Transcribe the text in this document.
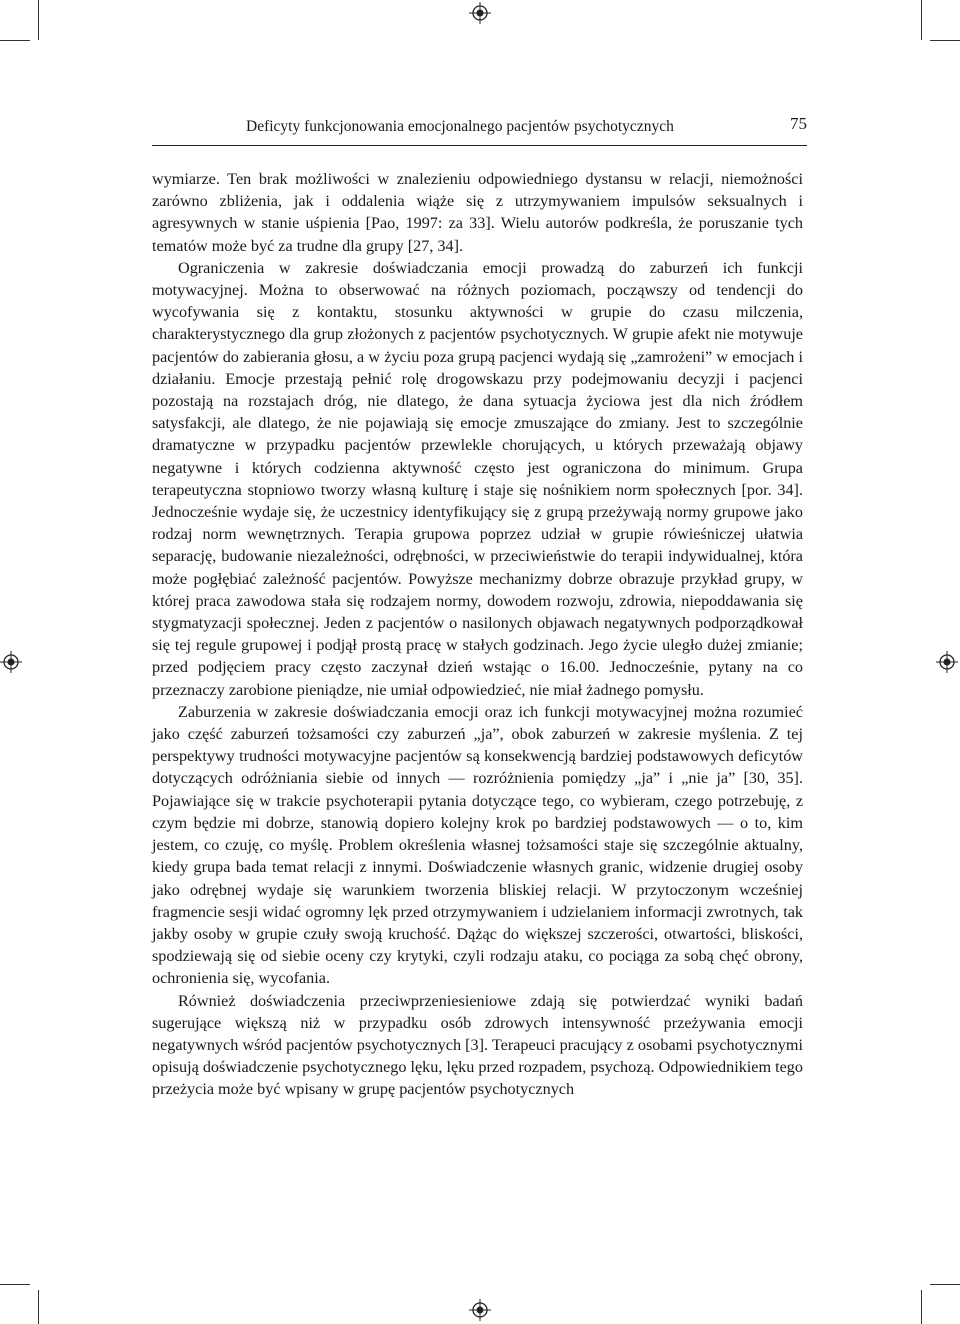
Deficyty funkcjonowania emocjonalnego pacjentów psychotycznych	75

wymiarze. Ten brak możliwości w znalezieniu odpowiedniego dystansu w relacji, niemożności zarówno zbliżenia, jak i oddalenia wiąże się z utrzymywaniem impulsów seksualnych i agresywnych w stanie uśpienia [Pao, 1997: za 33]. Wielu autorów podkreśla, że poruszanie tych tematów może być za trudne dla grupy [27, 34].

Ograniczenia w zakresie doświadczania emocji prowadzą do zaburzeń ich funkcji motywacyjnej. Można to obserwować na różnych poziomach, począwszy od tendencji do wycofywania się z kontaktu, stosunku aktywności w grupie do czasu milczenia, charakterystycznego dla grup złożonych z pacjentów psychotycznych. W grupie afekt nie motywuje pacjentów do zabierania głosu, a w życiu poza grupą pacjenci wydają się „zamrożeni” w emocjach i działaniu. Emocje przestają pełnić rolę drogowskazu przy podejmowaniu decyzji i pacjenci pozostają na rozstajach dróg, nie dlatego, że dana sytuacja życiowa jest dla nich źródłem satysfakcji, ale dlatego, że nie pojawiają się emocje zmuszające do zmiany. Jest to szczególnie dramatyczne w przypadku pacjentów przewlekle chorujących, u których przeważają objawy negatywne i których codzienna aktywność często jest ograniczona do minimum. Grupa terapeutyczna stopniowo tworzy własną kulturę i staje się nośnikiem norm społecznych [por. 34]. Jednocześnie wydaje się, że uczestnicy identyfikujący się z grupą przeżywają normy grupowe jako rodzaj norm wewnętrznych. Terapia grupowa poprzez udział w grupie rówieśniczej ułatwia separację, budowanie niezależności, odrębności, w przeciwieństwie do terapii indywidualnej, która może pogłębiać zależność pacjentów. Powyższe mechanizmy dobrze obrazuje przykład grupy, w której praca zawodowa stała się rodzajem normy, dowodem rozwoju, zdrowia, niepoddawania się stygmatyzacji społecznej. Jeden z pacjentów o nasilonych objawach negatywnych podporządkował się tej regule grupowej i podjął prostą pracę w stałych godzinach. Jego życie uległo dużej zmianie; przed podjęciem pracy często zaczynał dzień wstając o 16.00. Jednocześnie, pytany na co przeznaczy zarobione pieniądze, nie umiał odpowiedzieć, nie miał żadnego pomysłu.

Zaburzenia w zakresie doświadczania emocji oraz ich funkcji motywacyjnej można rozumieć jako część zaburzeń tożsamości czy zaburzeń „ja”, obok zaburzeń w zakresie myślenia. Z tej perspektywy trudności motywacyjne pacjentów są konsekwencją bardziej podstawowych deficytów dotyczących odróżniania siebie od innych — rozróżnienia pomiędzy „ja” i „nie ja” [30, 35]. Pojawiające się w trakcie psychoterapii pytania dotyczące tego, co wybieram, czego potrzebuję, z czym będzie mi dobrze, stanowią dopiero kolejny krok po bardziej podstawowych — o to, kim jestem, co czuję, co myślę. Problem określenia własnej tożsamości staje się szczególnie aktualny, kiedy grupa bada temat relacji z innymi. Doświadczenie własnych granic, widzenie drugiej osoby jako odrębnej wydaje się warunkiem tworzenia bliskiej relacji. W przytoczonym wcześniej fragmencie sesji widać ogromny lęk przed otrzymywaniem i udzielaniem informacji zwrotnych, tak jakby osoby w grupie czuły swoją kruchość. Dążąc do większej szczerości, otwartości, bliskości, spodziewają się od siebie oceny czy krytyki, czyli rodzaju ataku, co pociąga za sobą chęć obrony, ochronienia się, wycofania.

Również doświadczenia przeciwprzeniesieniowe zdają się potwierdzać wyniki badań sugerujące większą niż w przypadku osób zdrowych intensywność przeżywania emocji negatywnych wśród pacjentów psychotycznych [3]. Terapeuci pracujący z osobami psychotycznymi opisują doświadczenie psychotycznego lęku, lęku przed rozpadem, psychozą. Odpowiednikiem tego przeżycia może być wpisany w grupę pacjentów psychotycznych
